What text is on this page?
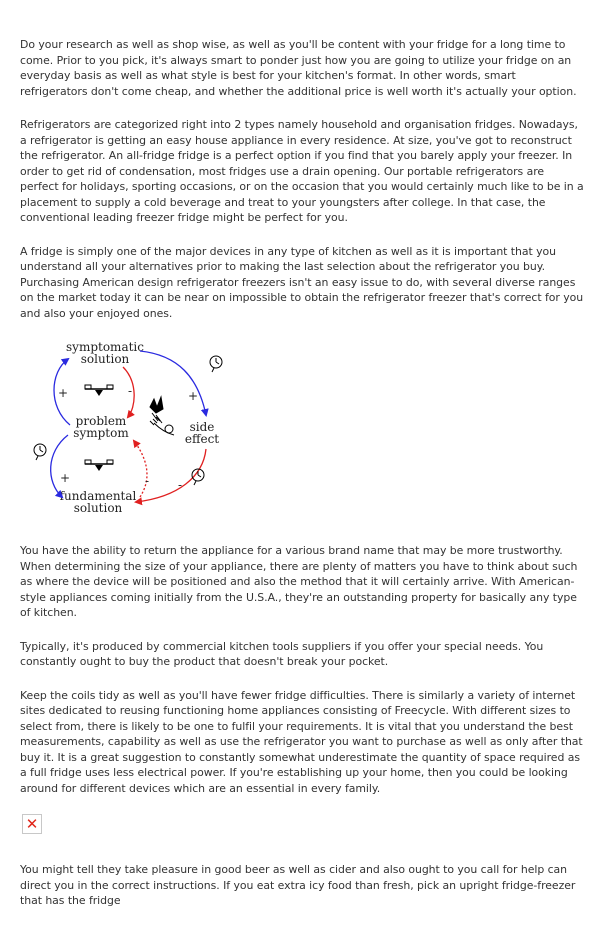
Do your research as well as shop wise, as well as you'll be content with your fridge for a long time to come. Prior to you pick, it's always smart to ponder just how you are going to utilize your fridge on an everyday basis as well as what style is best for your kitchen's format. In other words, smart refrigerators don't come cheap, and whether the additional price is well worth it's actually your option.

Refrigerators are categorized right into 2 types namely household and organisation fridges. Nowadays, a refrigerator is getting an easy house appliance in every residence. At size, you've got to reconstruct the refrigerator. An all-fridge fridge is a perfect option if you find that you barely apply your freezer. In order to get rid of condensation, most fridges use a drain opening. Our portable refrigerators are perfect for holidays, sporting occasions, or on the occasion that you would certainly much like to be in a placement to supply a cold beverage and treat to your youngsters after college. In that case, the conventional leading freezer fridge might be perfect for you.

A fridge is simply one of the major devices in any type of kitchen as well as it is important that you understand all your alternatives prior to making the last selection about the refrigerator you buy. Purchasing American design refrigerator freezers isn't an easy issue to do, with several diverse ranges on the market today it can be near on impossible to obtain the refrigerator freezer that's correct for you and also your enjoyed ones.

symptomatic
solution
problem
symptom	side
effect
fundamental
solution
+
+
+
-
- -

You have the ability to return the appliance for a various brand name that may be more trustworthy. When determining the size of your appliance, there are plenty of matters you have to think about such as where the device will be positioned and also the method that it will certainly arrive. With American-style appliances coming initially from the U.S.A., they're an outstanding property for basically any type of kitchen.

Typically, it's produced by commercial kitchen tools suppliers if you offer your special needs. You constantly ought to buy the product that doesn't break your pocket.

Keep the coils tidy as well as you'll have fewer fridge difficulties. There is similarly a variety of internet sites dedicated to reusing functioning home appliances consisting of Freecycle. With different sizes to select from, there is likely to be one to fulfil your requirements. It is vital that you understand the best measurements, capability as well as use the refrigerator you want to purchase as well as only after that buy it. It is a great suggestion to constantly somewhat underestimate the quantity of space required as a full fridge uses less electrical power. If you're establishing up your home, then you could be looking around for different devices which are an essential in every family.

✕

You might tell they take pleasure in good beer as well as cider and also ought to you call for help can direct you in the correct instructions. If you eat extra icy food than fresh, pick an upright fridge-freezer that has the fridge
